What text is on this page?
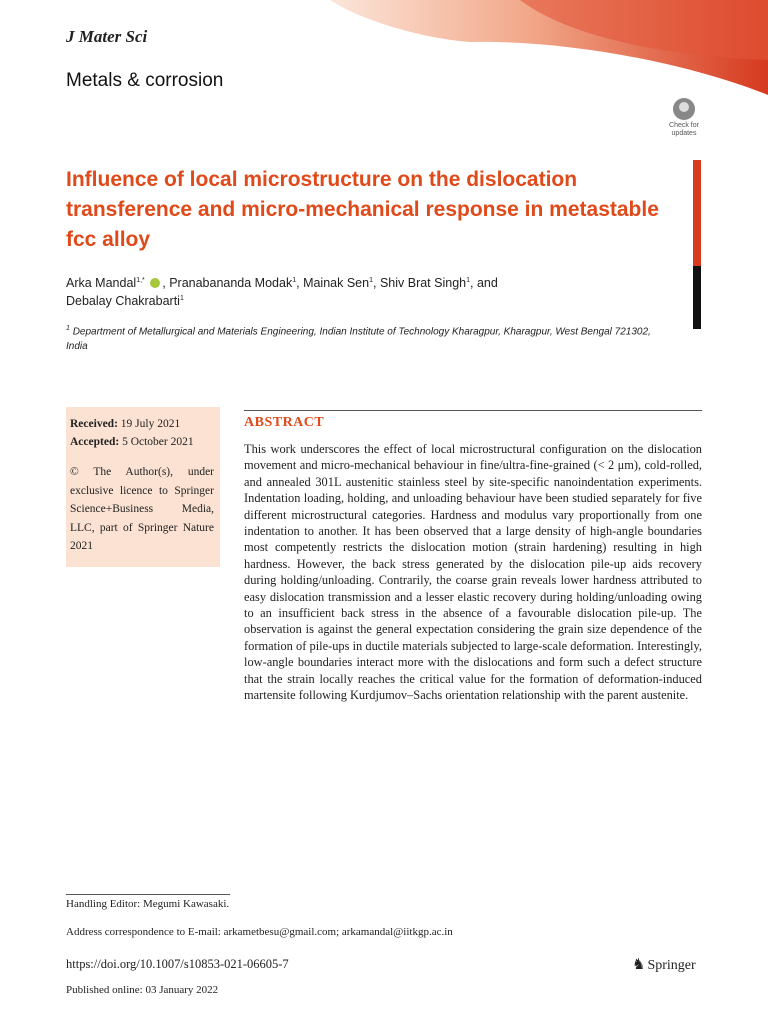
J Mater Sci
Metals & corrosion
Check for
updates
Influence of local microstructure on the dislocation transference and micro-mechanical response in metastable fcc alloy
Arka Mandal$^{1,*}$ , Pranabananda Modak$^1$, Mainak Sen$^1$, Shiv Brat Singh$^1$, and
Debalay Chakrabarti$^1$
$^1$ Department of Metallurgical and Materials Engineering, Indian Institute of Technology Kharagpur, Kharagpur, West Bengal 721302, India
Received: 19 July 2021
Accepted: 5 October 2021
© The Author(s), under exclusive licence to Springer Science+Business Media, LLC, part of Springer Nature 2021
ABSTRACT

This work underscores the effect of local microstructural configuration on the dislocation movement and micro-mechanical behaviour in fine/ultra-fine-grained (< 2 μm), cold-rolled, and annealed 301L austenitic stainless steel by site-specific nanoindentation experiments. Indentation loading, holding, and unloading behaviour have been studied separately for five different microstructural categories. Hardness and modulus vary proportionally from one indentation to another. It has been observed that a large density of high-angle boundaries most competently restricts the dislocation motion (strain hardening) resulting in high hardness. However, the back stress generated by the dislocation pile-up aids recovery during holding/unloading. Contrarily, the coarse grain reveals lower hardness attributed to easy dislocation transmission and a lesser elastic recovery during holding/unloading owing to an insufficient back stress in the absence of a favourable dislocation pile-up. The observation is against the general expectation considering the grain size dependence of the formation of pile-ups in ductile materials subjected to large-scale deformation. Interestingly, low-angle boundaries interact more with the dislocations and form such a defect structure that the strain locally reaches the critical value for the formation of deformation-induced martensite following Kurdjumov–Sachs orientation relationship with the parent austenite.

Handling Editor: Megumi Kawasaki.
Address correspondence to E-mail: arkametbesu@gmail.com; arkamandal@iitkgp.ac.in
https://doi.org/10.1007/s10853-021-06605-7
Published online: 03 January 2022
♞ Springer
